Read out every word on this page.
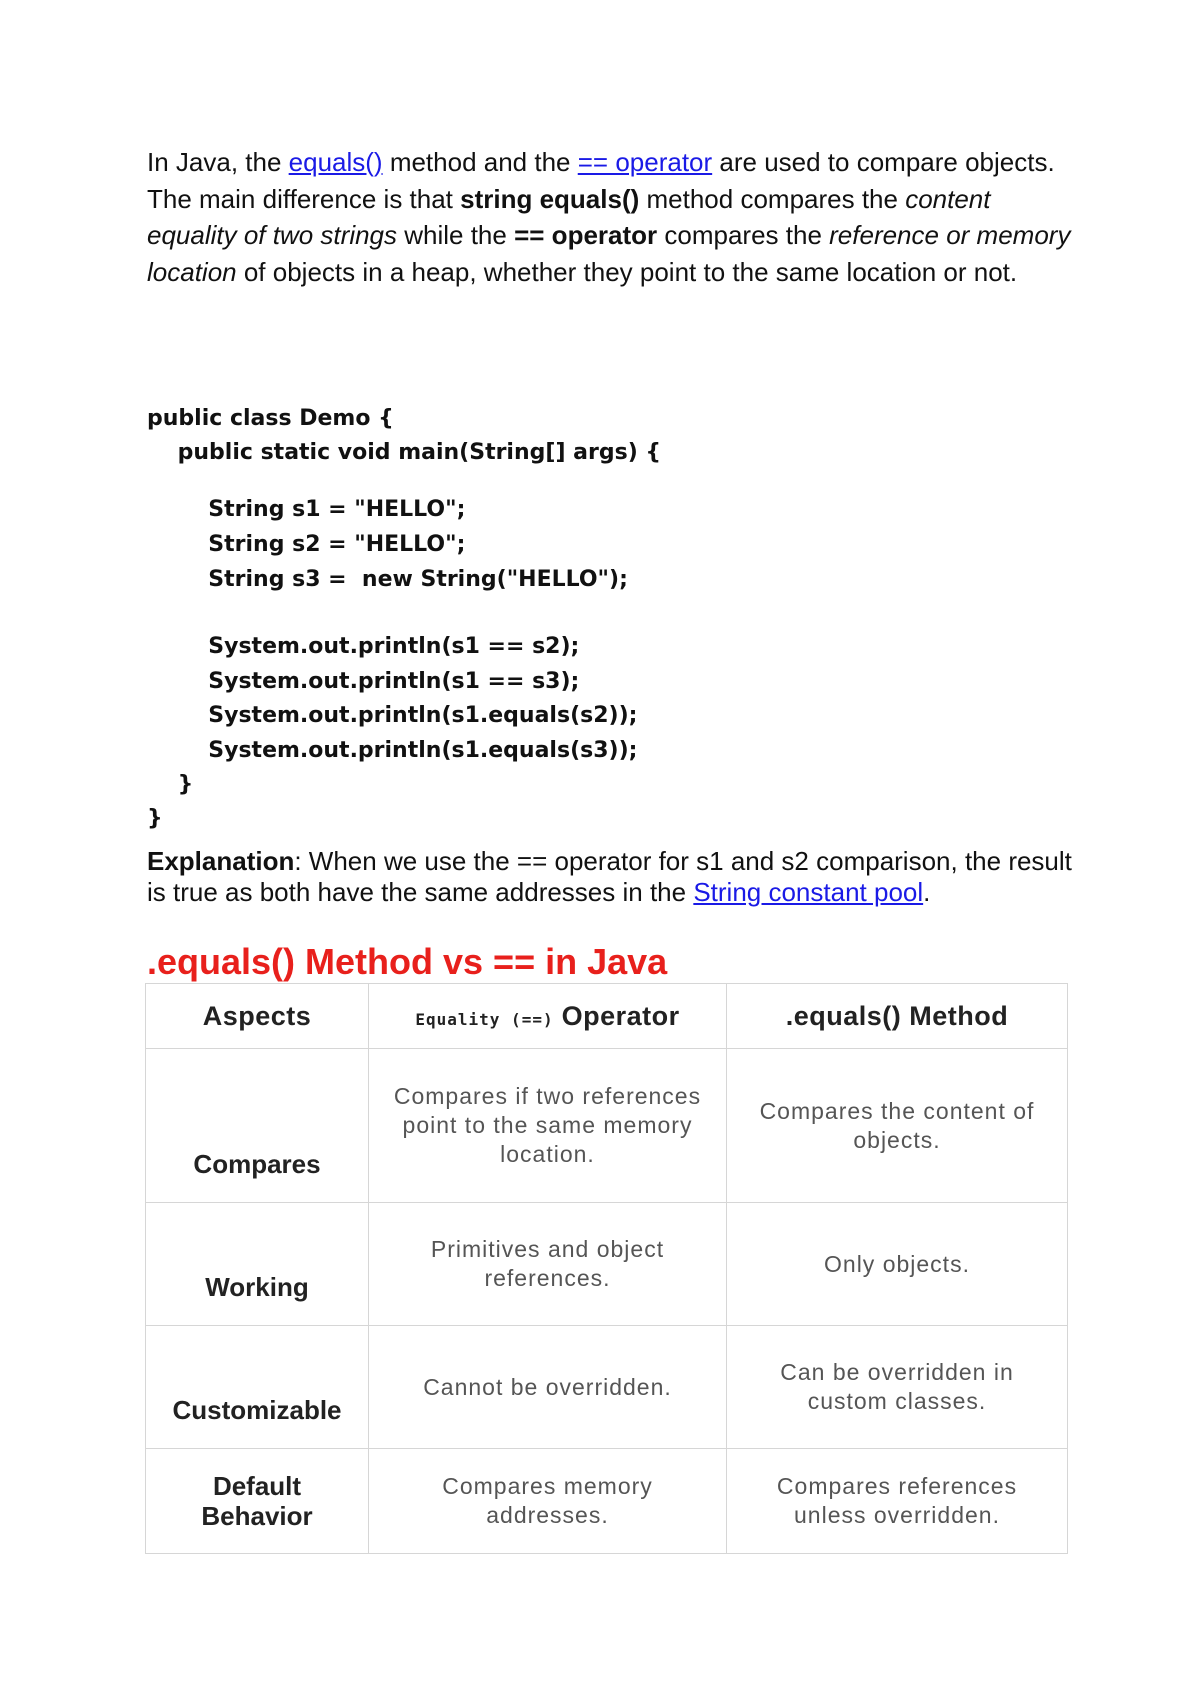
In Java, the equals() method and the == operator are used to compare objects. The main difference is that string equals() method compares the content equality of two strings while the == operator compares the reference or memory location of objects in a heap, whether they point to the same location or not.

public class Demo {
public static void main(String[] args) {
String s1 = "HELLO";
String s2 = "HELLO";
String s3 =  new String("HELLO");
System.out.println(s1 == s2);
System.out.println(s1 == s3);
System.out.println(s1.equals(s2));
System.out.println(s1.equals(s3));
}
}

Explanation: When we use the == operator for s1 and s2 comparison, the result is true as both have the same addresses in the String constant pool.

.equals() Method vs == in Java
Aspects	Equality (==) Operator	.equals() Method
Compares	Compares if two references point to the same memory location.	Compares the content of objects.
Working	Primitives and object references.	Only objects.
Customizable	Cannot be overridden.	Can be overridden in custom classes.
Default Behavior	Compares memory addresses.	Compares references unless overridden.
